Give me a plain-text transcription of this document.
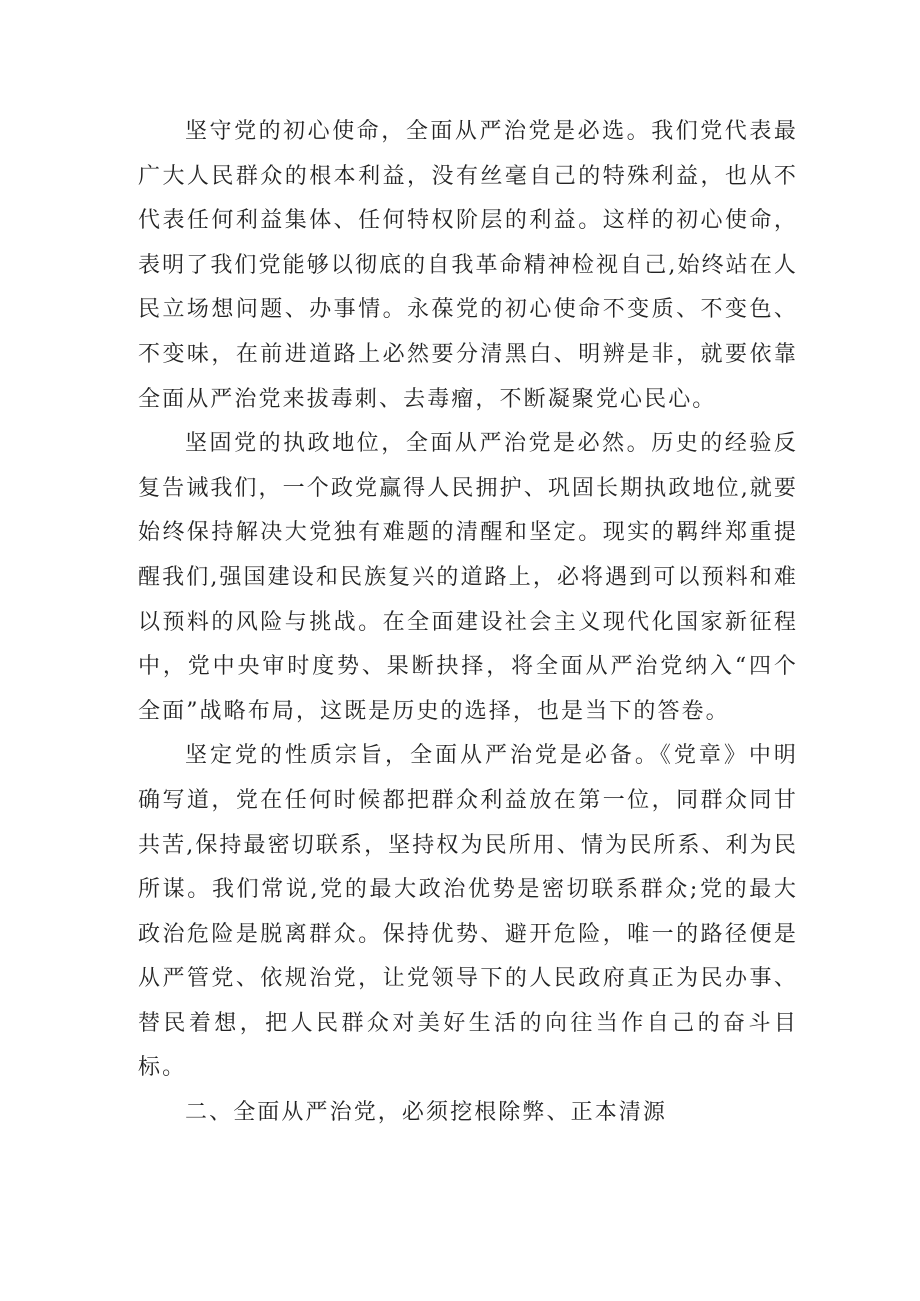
坚守党的初心使命，全面从严治党是必选。我们党代表最广大人民群众的根本利益，没有丝毫自己的特殊利益，也从不代表任何利益集体、任何特权阶层的利益。这样的初心使命，表明了我们党能够以彻底的自我革命精神检视自己,始终站在人民立场想问题、办事情。永葆党的初心使命不变质、不变色、不变味，在前进道路上必然要分清黑白、明辨是非，就要依靠全面从严治党来拔毒刺、去毒瘤，不断凝聚党心民心。

坚固党的执政地位，全面从严治党是必然。历史的经验反复告诫我们，一个政党赢得人民拥护、巩固长期执政地位,就要始终保持解决大党独有难题的清醒和坚定。现实的羁绊郑重提醒我们,强国建设和民族复兴的道路上，必将遇到可以预料和难以预料的风险与挑战。在全面建设社会主义现代化国家新征程中，党中央审时度势、果断抉择，将全面从严治党纳入“四个全面”战略布局，这既是历史的选择，也是当下的答卷。

坚定党的性质宗旨，全面从严治党是必备。《党章》中明确写道，党在任何时候都把群众利益放在第一位，同群众同甘共苦,保持最密切联系，坚持权为民所用、情为民所系、利为民所谋。我们常说,党的最大政治优势是密切联系群众;党的最大政治危险是脱离群众。保持优势、避开危险，唯一的路径便是从严管党、依规治党，让党领导下的人民政府真正为民办事、替民着想，把人民群众对美好生活的向往当作自己的奋斗目标。

二、全面从严治党，必须挖根除弊、正本清源
